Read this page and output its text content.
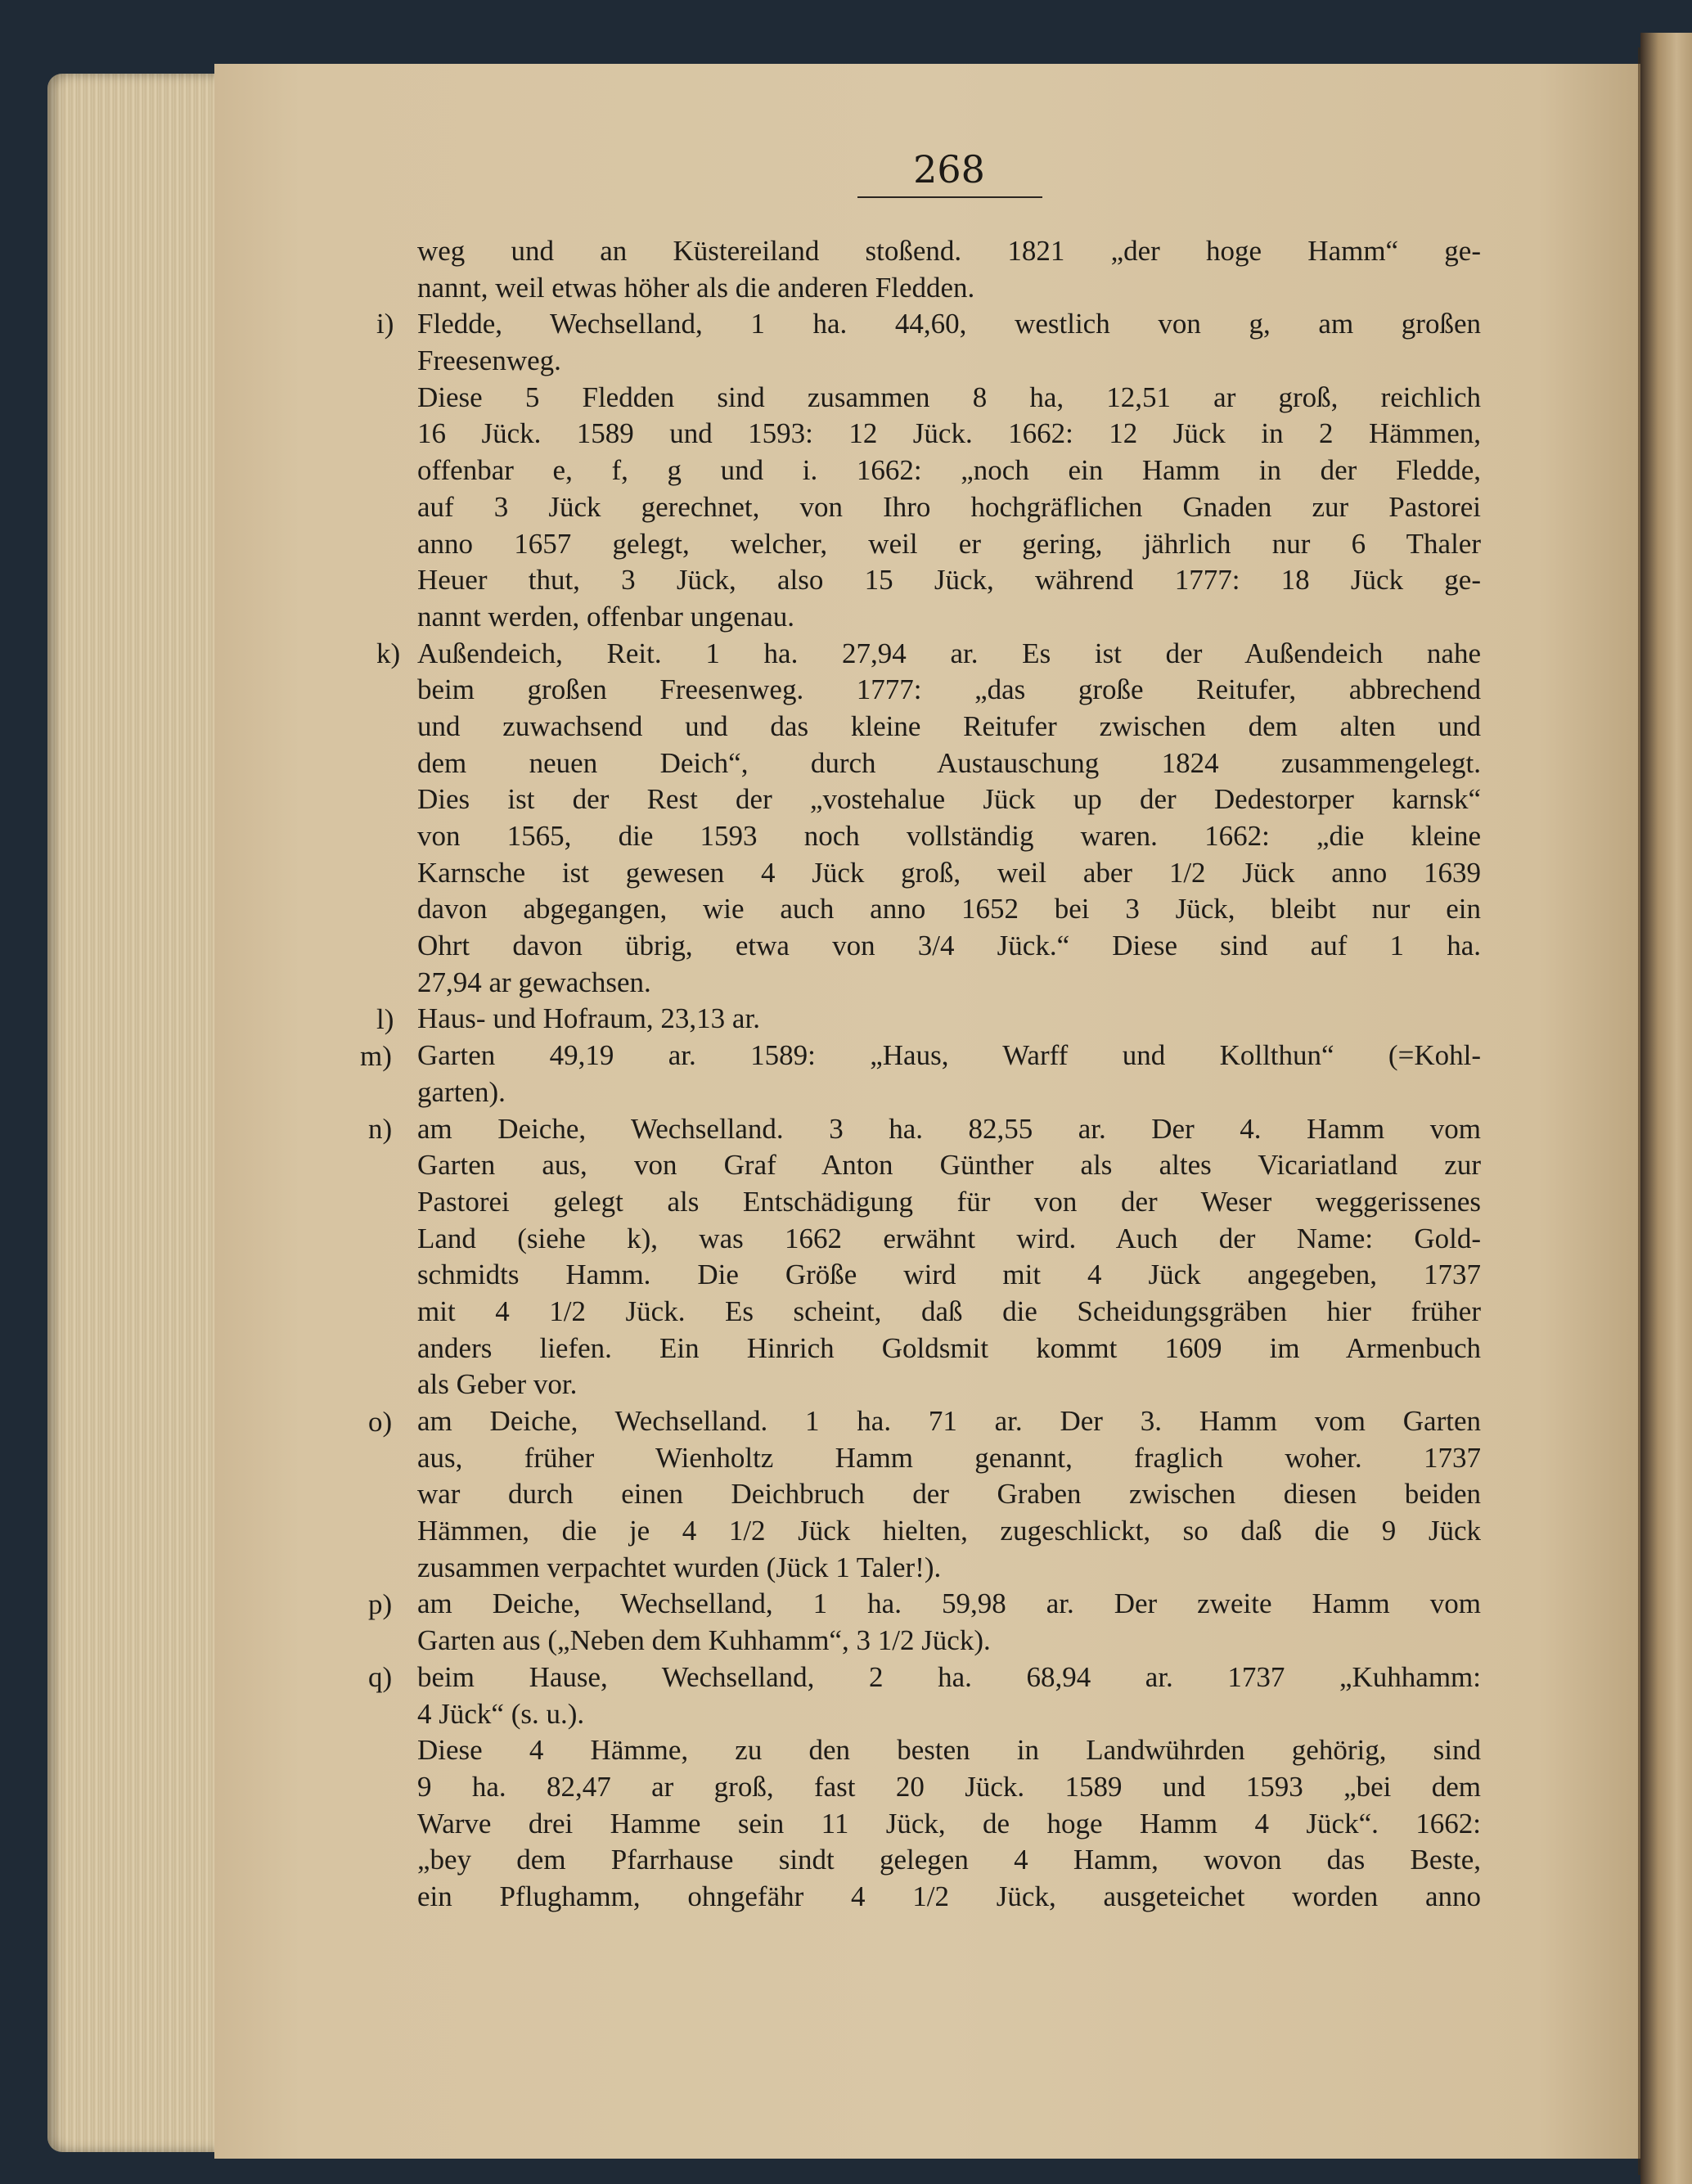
268
weg und an Küstereiland stoßend. 1821 „der hoge Hamm“ ge-
nannt, weil etwas höher als die anderen Fledden.
i) Fledde, Wechselland, 1 ha. 44,60, westlich von g, am großen
Freesenweg.
Diese 5 Fledden sind zusammen 8 ha, 12,51 ar groß, reichlich
16 Jück. 1589 und 1593: 12 Jück. 1662: 12 Jück in 2 Hämmen,
offenbar e, f, g und i. 1662: „noch ein Hamm in der Fledde,
auf 3 Jück gerechnet, von Ihro hochgräflichen Gnaden zur Pastorei
anno 1657 gelegt, welcher, weil er gering, jährlich nur 6 Thaler
Heuer thut, 3 Jück, also 15 Jück, während 1777: 18 Jück ge-
nannt werden, offenbar ungenau.
k) Außendeich, Reit. 1 ha. 27,94 ar. Es ist der Außendeich nahe
beim großen Freesenweg. 1777: „das große Reitufer, abbrechend
und zuwachsend und das kleine Reitufer zwischen dem alten und
dem neuen Deich“, durch Austauschung 1824 zusammengelegt.
Dies ist der Rest der „vostehalue Jück up der Dedestorper karnsk“
von 1565, die 1593 noch vollständig waren. 1662: „die kleine
Karnsche ist gewesen 4 Jück groß, weil aber 1/2 Jück anno 1639
davon abgegangen, wie auch anno 1652 bei 3 Jück, bleibt nur ein
Ohrt davon übrig, etwa von 3/4 Jück.“ Diese sind auf 1 ha.
27,94 ar gewachsen.
l) Haus- und Hofraum, 23,13 ar.
m) Garten 49,19 ar. 1589: „Haus, Warff und Kollthun“ (=Kohl-
garten).
n) am Deiche, Wechselland. 3 ha. 82,55 ar. Der 4. Hamm vom
Garten aus, von Graf Anton Günther als altes Vicariatland zur
Pastorei gelegt als Entschädigung für von der Weser weggerissenes
Land (siehe k), was 1662 erwähnt wird. Auch der Name: Gold-
schmidts Hamm. Die Größe wird mit 4 Jück angegeben, 1737
mit 4 1/2 Jück. Es scheint, daß die Scheidungsgräben hier früher
anders liefen. Ein Hinrich Goldsmit kommt 1609 im Armenbuch
als Geber vor.
o) am Deiche, Wechselland. 1 ha. 71 ar. Der 3. Hamm vom Garten
aus, früher Wienholtz Hamm genannt, fraglich woher. 1737
war durch einen Deichbruch der Graben zwischen diesen beiden
Hämmen, die je 4 1/2 Jück hielten, zugeschlickt, so daß die 9 Jück
zusammen verpachtet wurden (Jück 1 Taler!).
p) am Deiche, Wechselland, 1 ha. 59,98 ar. Der zweite Hamm vom
Garten aus („Neben dem Kuhhamm“, 3 1/2 Jück).
q) beim Hause, Wechselland, 2 ha. 68,94 ar. 1737 „Kuhhamm:
4 Jück“ (s. u.).
Diese 4 Hämme, zu den besten in Landwührden gehörig, sind
9 ha. 82,47 ar groß, fast 20 Jück. 1589 und 1593 „bei dem
Warve drei Hamme sein 11 Jück, de hoge Hamm 4 Jück“. 1662:
„bey dem Pfarrhause sindt gelegen 4 Hamm, wovon das Beste,
ein Pflughamm, ohngefähr 4 1/2 Jück, ausgeteichet worden anno
